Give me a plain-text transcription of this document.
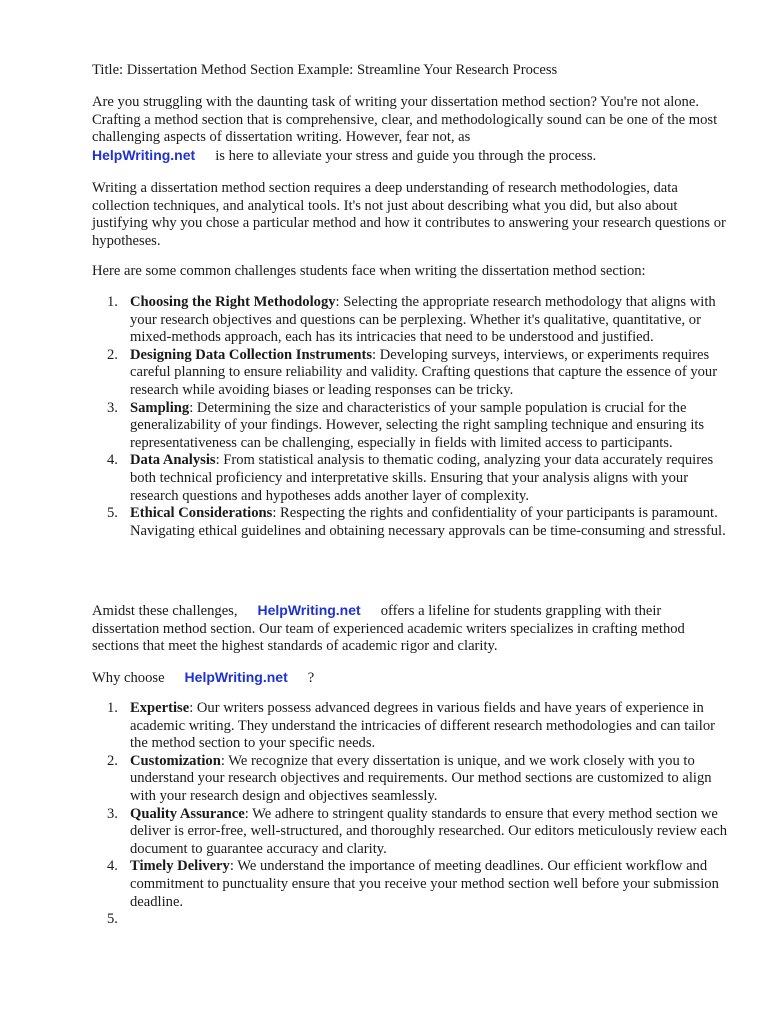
Title: Dissertation Method Section Example: Streamline Your Research Process

Are you struggling with the daunting task of writing your dissertation method section? You're not alone. Crafting a method section that is comprehensive, clear, and methodologically sound can be one of the most challenging aspects of dissertation writing. However, fear not, as
HelpWriting.net is here to alleviate your stress and guide you through the process.

Writing a dissertation method section requires a deep understanding of research methodologies, data collection techniques, and analytical tools. It's not just about describing what you did, but also about justifying why you chose a particular method and how it contributes to answering your research questions or hypotheses.

Here are some common challenges students face when writing the dissertation method section:

1. Choosing the Right Methodology: Selecting the appropriate research methodology that aligns with your research objectives and questions can be perplexing. Whether it's qualitative, quantitative, or mixed-methods approach, each has its intricacies that need to be understood and justified.
2. Designing Data Collection Instruments: Developing surveys, interviews, or experiments requires careful planning to ensure reliability and validity. Crafting questions that capture the essence of your research while avoiding biases or leading responses can be tricky.
3. Sampling: Determining the size and characteristics of your sample population is crucial for the generalizability of your findings. However, selecting the right sampling technique and ensuring its representativeness can be challenging, especially in fields with limited access to participants.
4. Data Analysis: From statistical analysis to thematic coding, analyzing your data accurately requires both technical proficiency and interpretative skills. Ensuring that your analysis aligns with your research questions and hypotheses adds another layer of complexity.
5. Ethical Considerations: Respecting the rights and confidentiality of your participants is paramount. Navigating ethical guidelines and obtaining necessary approvals can be time-consuming and stressful.

Amidst these challenges, HelpWriting.net offers a lifeline for students grappling with their dissertation method section. Our team of experienced academic writers specializes in crafting method sections that meet the highest standards of academic rigor and clarity.

Why choose HelpWriting.net ?

1. Expertise: Our writers possess advanced degrees in various fields and have years of experience in academic writing. They understand the intricacies of different research methodologies and can tailor the method section to your specific needs.
2. Customization: We recognize that every dissertation is unique, and we work closely with you to understand your research objectives and requirements. Our method sections are customized to align with your research design and objectives seamlessly.
3. Quality Assurance: We adhere to stringent quality standards to ensure that every method section we deliver is error-free, well-structured, and thoroughly researched. Our editors meticulously review each document to guarantee accuracy and clarity.
4. Timely Delivery: We understand the importance of meeting deadlines. Our efficient workflow and commitment to punctuality ensure that you receive your method section well before your submission deadline.
5.
